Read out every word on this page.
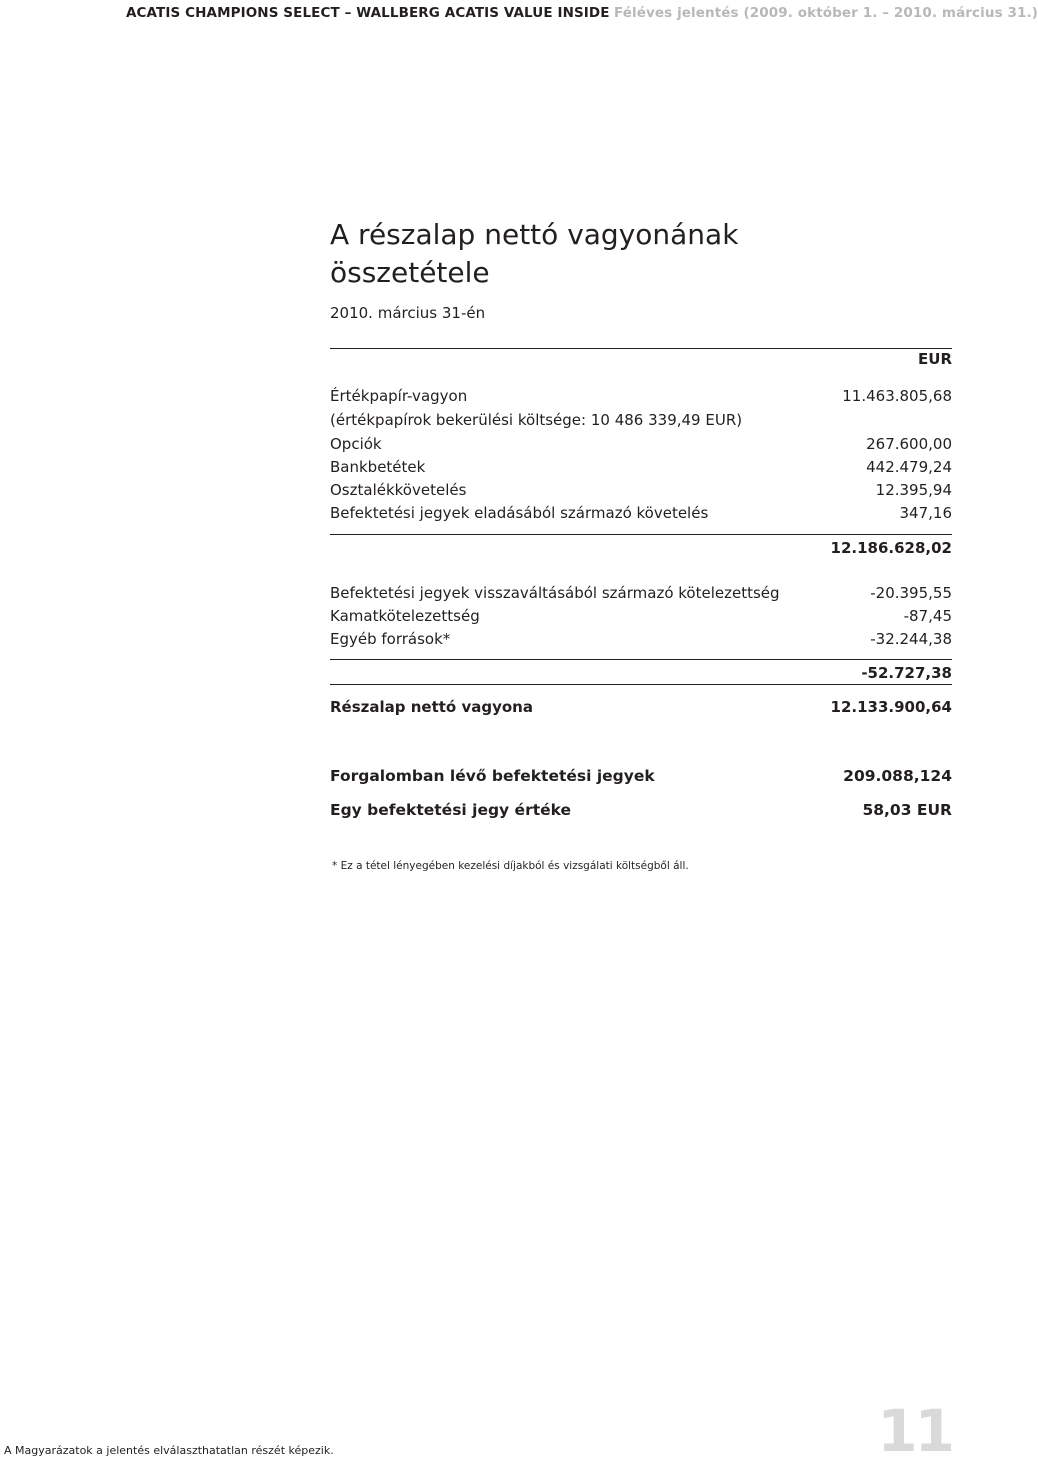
ACATIS CHAMPIONS SELECT – WALLBERG ACATIS VALUE INSIDE Féléves jelentés (2009. október 1. – 2010. március 31.)
A részalap nettó vagyonának összetétele
2010. március 31-én
EUR
Értékpapír-vagyon	11.463.805,68
(értékpapírok bekerülési költsége: 10 486 339,49 EUR)
Opciók	267.600,00
Bankbetétek	442.479,24
Osztalékkövetelés	12.395,94
Befektetési jegyek eladásából származó követelés	347,16
12.186.628,02
Befektetési jegyek visszaváltásából származó kötelezettség	-20.395,55
Kamatkötelezettség	-87,45
Egyéb források*	-32.244,38
-52.727,38
Részalap nettó vagyona	12.133.900,64
Forgalomban lévő befektetési jegyek	209.088,124
Egy befektetési jegy értéke	58,03 EUR
* Ez a tétel lényegében kezelési díjakból és vizsgálati költségből áll.
A Magyarázatok a jelentés elválaszthatatlan részét képezik.	11
